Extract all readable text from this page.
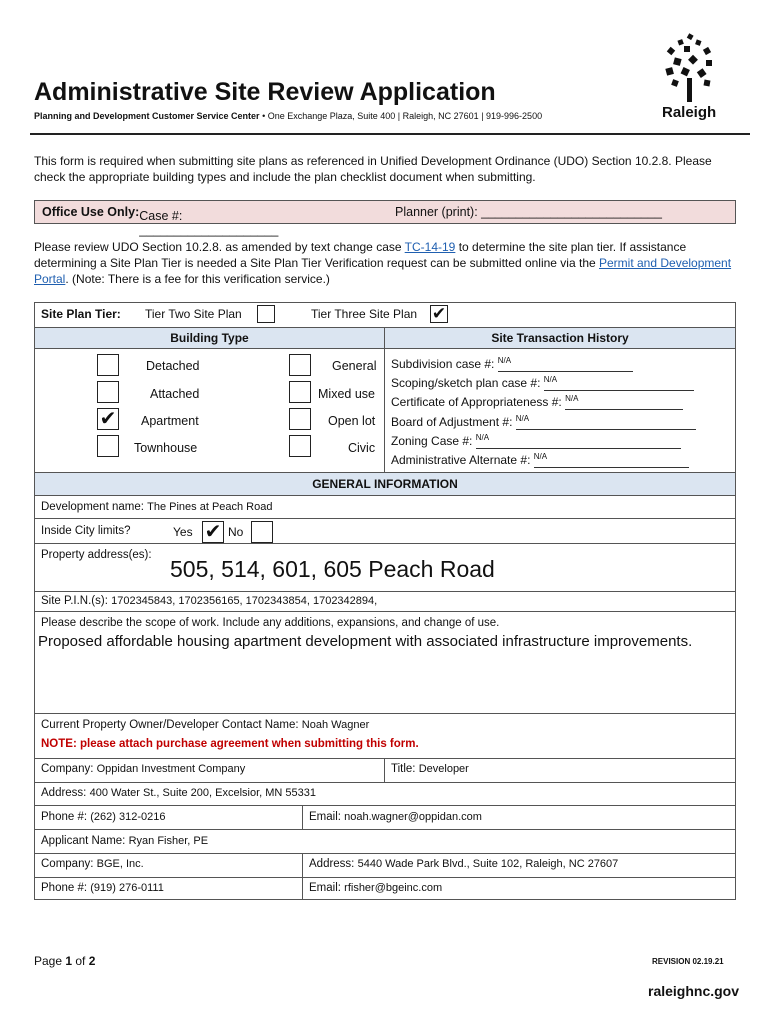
Administrative Site Review Application
Planning and Development Customer Service Center • One Exchange Plaza, Suite 400 | Raleigh, NC 27601 | 919-996-2500	Raleigh
This form is required when submitting site plans as referenced in Unified Development Ordinance (UDO) Section 10.2.8. Please check the appropriate building types and include the plan checklist document when submitting.
Office Use Only: Case #: ____________________
Planner (print): __________________________
Please review UDO Section 10.2.8. as amended by text change case TC-14-19 to determine the site plan tier. If assistance determining a Site Plan Tier is needed a Site Plan Tier Verification request can be submitted online via the Permit and Development Portal. (Note: There is a fee for this verification service.)
Site Plan Tier: Tier Two Site Plan	Tier Three Site Plan ✔
Building Type	Site Transaction History
Detached
Attached
✔ Apartment
Townhouse
General
Mixed use
Open lot
Civic
Subdivision case #: $^{N/A}$
Scoping/sketch plan case #: $^{N/A}$
Certificate of Appropriateness #: $^{N/A}$
Board of Adjustment #: $^{N/A}$
Zoning Case #: $^{N/A}$
Administrative Alternate #: $^{N/A}$
GENERAL INFORMATION
Development name: The Pines at Peach Road
Inside City limits?	Yes ✔ No
Property address(es):
505, 514, 601, 605 Peach Road
Site P.I.N.(s): 1702345843, 1702356165, 1702343854, 1702342894,
Please describe the scope of work. Include any additions, expansions, and change of use.
Proposed affordable housing apartment development with associated infrastructure improvements.
Current Property Owner/Developer Contact Name: Noah Wagner
NOTE: please attach purchase agreement when submitting this form.
Company: Oppidan Investment Company	Title: Developer
Address: 400 Water St., Suite 200, Excelsior, MN 55331
Phone #: (262) 312-0216	Email: noah.wagner@oppidan.com
Applicant Name: Ryan Fisher, PE
Company: BGE, Inc.	Address: 5440 Wade Park Blvd., Suite 102, Raleigh, NC 27607
Phone #: (919) 276-0111	Email: rfisher@bgeinc.com
Page 1 of 2	REVISION 02.19.21
raleighnc.gov
